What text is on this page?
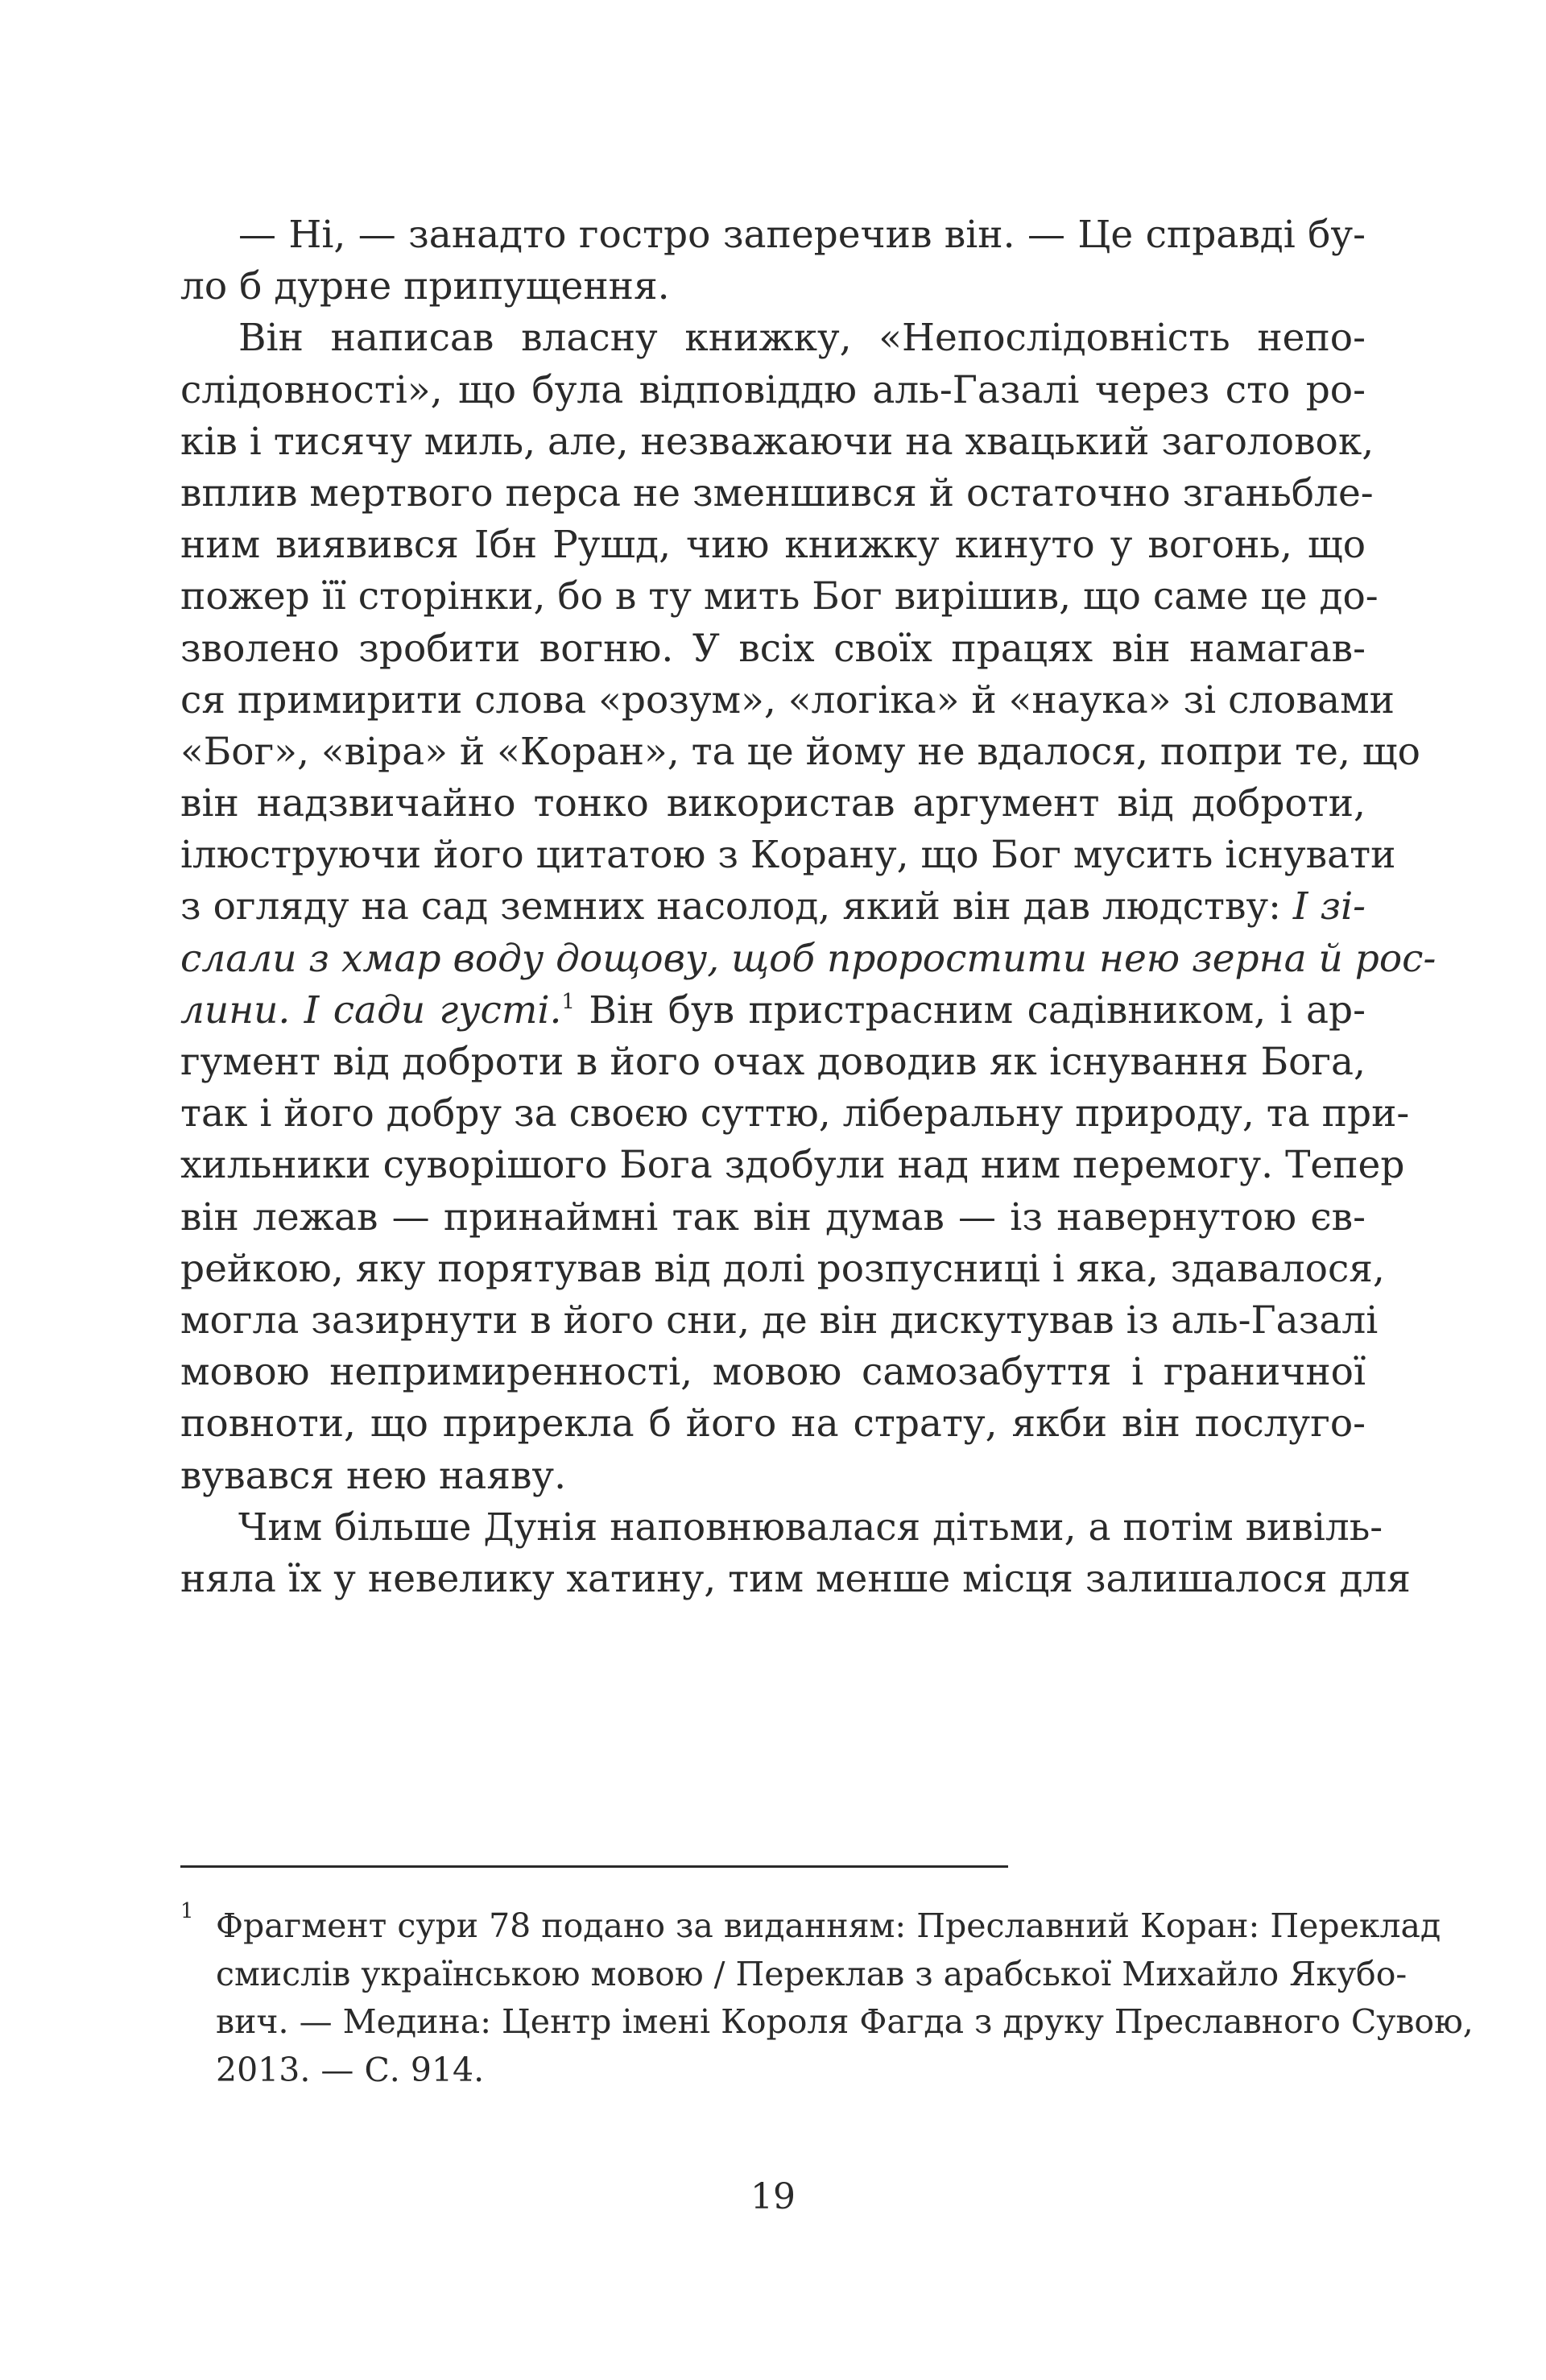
— Ні, — занадто гостро заперечив він. — Це справді бу-
ло б дурне припущення.
Він написав власну книжку, «Непослідовність непо-
слідовності», що була відповіддю аль-Газалі через сто ро-
ків і тисячу миль, але, незважаючи на хвацький заголовок,
вплив мертвого перса не зменшився й остаточно зганьбле-
ним виявився Ібн Рушд, чию книжку кинуто у вогонь, що
пожер її сторінки, бо в ту мить Бог вирішив, що саме це до-
зволено зробити вогню. У всіх своїх працях він намагав-
ся примирити слова «розум», «логіка» й «наука» зі словами
«Бог», «віра» й «Коран», та це йому не вдалося, попри те, що
він надзвичайно тонко використав аргумент від доброти,
ілюструючи його цитатою з Корану, що Бог мусить існувати
з огляду на сад земних насолод, який він дав людству: І зі-
слали з хмар воду дощову, щоб проростити нею зерна й рос-
лини. І сади густі.$^1$ Він був пристрасним садівником, і ар-
гумент від доброти в його очах доводив як існування Бога,
так і його добру за своєю суттю, ліберальну природу, та при-
хильники суворішого Бога здобули над ним перемогу. Тепер
він лежав — принаймні так він думав — із навернутою єв-
рейкою, яку порятував від долі розпусниці і яка, здавалося,
могла зазирнути в його сни, де він дискутував із аль-Газалі
мовою непримиренності, мовою самозабуття і граничної
повноти, що прирекла б його на страту, якби він послуго-
вувався нею наяву.
Чим більше Дунія наповнювалася дітьми, а потім вивіль-
няла їх у невелику хатину, тим менше місця залишалося для
1 Фрагмент сури 78 подано за виданням: Преславний Коран: Переклад
смислів українською мовою / Переклав з арабської Михайло Якубо-
вич. — Медина: Центр імені Короля Фагда з друку Преславного Сувою,
2013. — С. 914.
19
